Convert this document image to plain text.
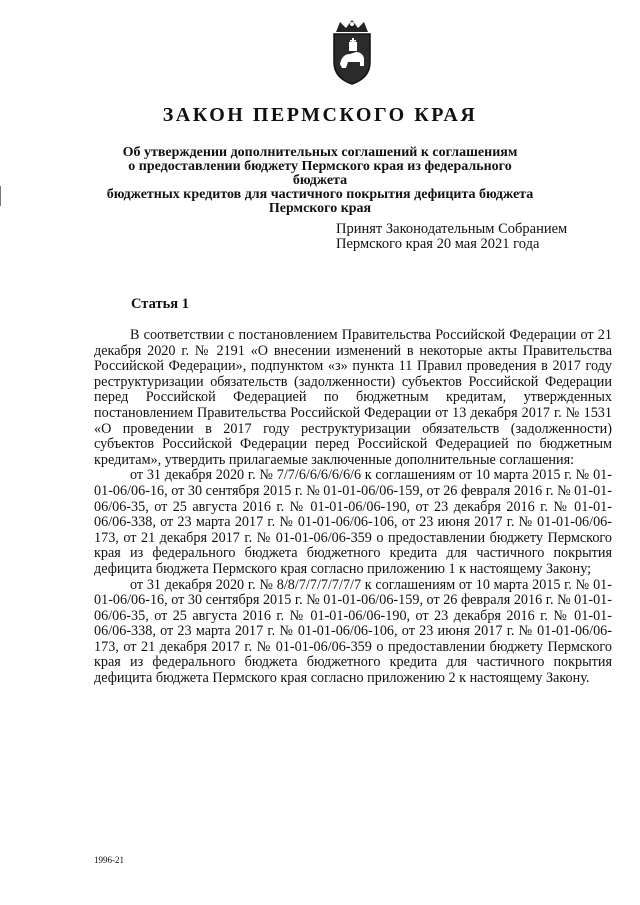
ЗАКОН ПЕРМСКОГО КРАЯ
Об утверждении дополнительных соглашений к соглашениям
о предоставлении бюджету Пермского края из федерального бюджета
бюджетных кредитов для частичного покрытия дефицита бюджета
Пермского края
Принят Законодательным Собранием
Пермского края 20 мая 2021 года
Статья 1

В соответствии с постановлением Правительства Российской Федерации от 21 декабря 2020 г. № 2191 «О внесении изменений в некоторые акты Правительства Российской Федерации», подпунктом «з» пункта 11 Правил проведения в 2017 году реструктуризации обязательств (задолженности) субъектов Российской Федерации перед Российской Федерацией по бюджетным кредитам, утвержденных постановлением Правительства Российской Федерации от 13 декабря 2017 г. № 1531 «О проведении в 2017 году реструктуризации обязательств (задолженности) субъектов Российской Федерации перед Российской Федерацией по бюджетным кредитам», утвердить прилагаемые заключенные дополнительные соглашения:

от 31 декабря 2020 г. № 7/7/6/6/6/6/6/6 к соглашениям от 10 марта 2015 г. № 01-01-06/06-16, от 30 сентября 2015 г. № 01-01-06/06-159, от 26 февраля 2016 г. № 01-01-06/06-35, от 25 августа 2016 г. № 01-01-06/06-190, от 23 декабря 2016 г. № 01-01-06/06-338, от 23 марта 2017 г. № 01-01-06/06-106, от 23 июня 2017 г. № 01-01-06/06-173, от 21 декабря 2017 г. № 01-01-06/06-359 о предоставлении бюджету Пермского края из федерального бюджета бюджетного кредита для частичного покрытия дефицита бюджета Пермского края согласно приложению 1 к настоящему Закону;

от 31 декабря 2020 г. № 8/8/7/7/7/7/7/7 к соглашениям от 10 марта 2015 г. № 01-01-06/06-16, от 30 сентября 2015 г. № 01-01-06/06-159, от 26 февраля 2016 г. № 01-01-06/06-35, от 25 августа 2016 г. № 01-01-06/06-190, от 23 декабря 2016 г. № 01-01-06/06-338, от 23 марта 2017 г. № 01-01-06/06-106, от 23 июня 2017 г. № 01-01-06/06-173, от 21 декабря 2017 г. № 01-01-06/06-359 о предоставлении бюджету Пермского края из федерального бюджета бюджетного кредита для частичного покрытия дефицита бюджета Пермского края согласно приложению 2 к настоящему Закону.

1996-21
